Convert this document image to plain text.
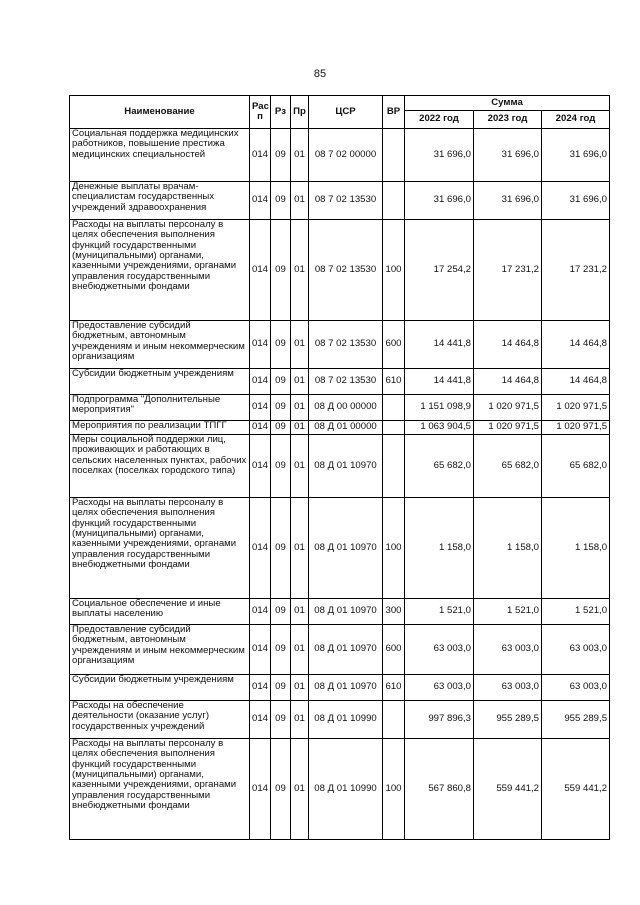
85
Наименование	Рас п	Рз	Пр	ЦСР	ВР	Сумма		
						2022 год	2023 год	2024 год
Социальная поддержка медицинских работников, повышение престижа медицинских специальностей	014	09	01	08 7 02 00000		31 696,0	31 696,0	31 696,0
Денежные выплаты врачам-специалистам государственных учреждений здравоохранения	014	09	01	08 7 02 13530		31 696,0	31 696,0	31 696,0
Расходы на выплаты персоналу в целях обеспечения выполнения функций государственными (муниципальными) органами, казенными учреждениями, органами управления государственными внебюджетными фондами	014	09	01	08 7 02 13530	100	17 254,2	17 231,2	17 231,2
Предоставление субсидий бюджетным, автономным учреждениям и иным некоммерческим организациям	014	09	01	08 7 02 13530	600	14 441,8	14 464,8	14 464,8
Субсидии бюджетным учреждениям	014	09	01	08 7 02 13530	610	14 441,8	14 464,8	14 464,8
Подпрограмма "Дополнительные мероприятия"	014	09	01	08 Д 00 00000		1 151 098,9	1 020 971,5	1 020 971,5
Мероприятия по реализации ТПГГ	014	09	01	08 Д 01 00000		1 063 904,5	1 020 971,5	1 020 971,5
Меры социальной поддержки лиц, проживающих и работающих в сельских населенных пунктах, рабочих поселках (поселках городского типа)	014	09	01	08 Д 01 10970		65 682,0	65 682,0	65 682,0
Расходы на выплаты персоналу в целях обеспечения выполнения функций государственными (муниципальными) органами, казенными учреждениями, органами управления государственными внебюджетными фондами	014	09	01	08 Д 01 10970	100	1 158,0	1 158,0	1 158,0
Социальное обеспечение и иные выплаты населению	014	09	01	08 Д 01 10970	300	1 521,0	1 521,0	1 521,0
Предоставление субсидий бюджетным, автономным учреждениям и иным некоммерческим организациям	014	09	01	08 Д 01 10970	600	63 003,0	63 003,0	63 003,0
Субсидии бюджетным учреждениям	014	09	01	08 Д 01 10970	610	63 003,0	63 003,0	63 003,0
Расходы на обеспечение деятельности (оказание услуг) государственных учреждений	014	09	01	08 Д 01 10990		997 896,3	955 289,5	955 289,5
Расходы на выплаты персоналу в целях обеспечения выполнения функций государственными (муниципальными) органами, казенными учреждениями, органами управления государственными внебюджетными фондами	014	09	01	08 Д 01 10990	100	567 860,8	559 441,2	559 441,2
